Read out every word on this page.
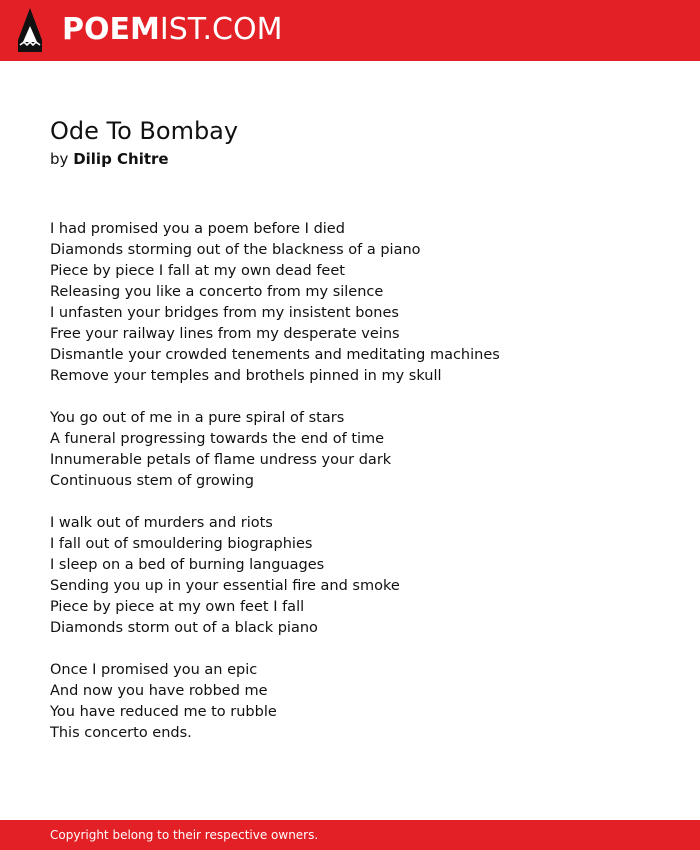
POEMIST.COM
Ode To Bombay
by Dilip Chitre
I had promised you a poem before I died
Diamonds storming out of the blackness of a piano
Piece by piece I fall at my own dead feet
Releasing you like a concerto from my silence
I unfasten your bridges from my insistent bones
Free your railway lines from my desperate veins
Dismantle your crowded tenements and meditating machines
Remove your temples and brothels pinned in my skull
You go out of me in a pure spiral of stars
A funeral progressing towards the end of time
Innumerable petals of flame undress your dark
Continuous stem of growing
I walk out of murders and riots
I fall out of smouldering biographies
I sleep on a bed of burning languages
Sending you up in your essential fire and smoke
Piece by piece at my own feet I fall
Diamonds storm out of a black piano
Once I promised you an epic
And now you have robbed me
You have reduced me to rubble
This concerto ends.
Copyright belong to their respective owners.
